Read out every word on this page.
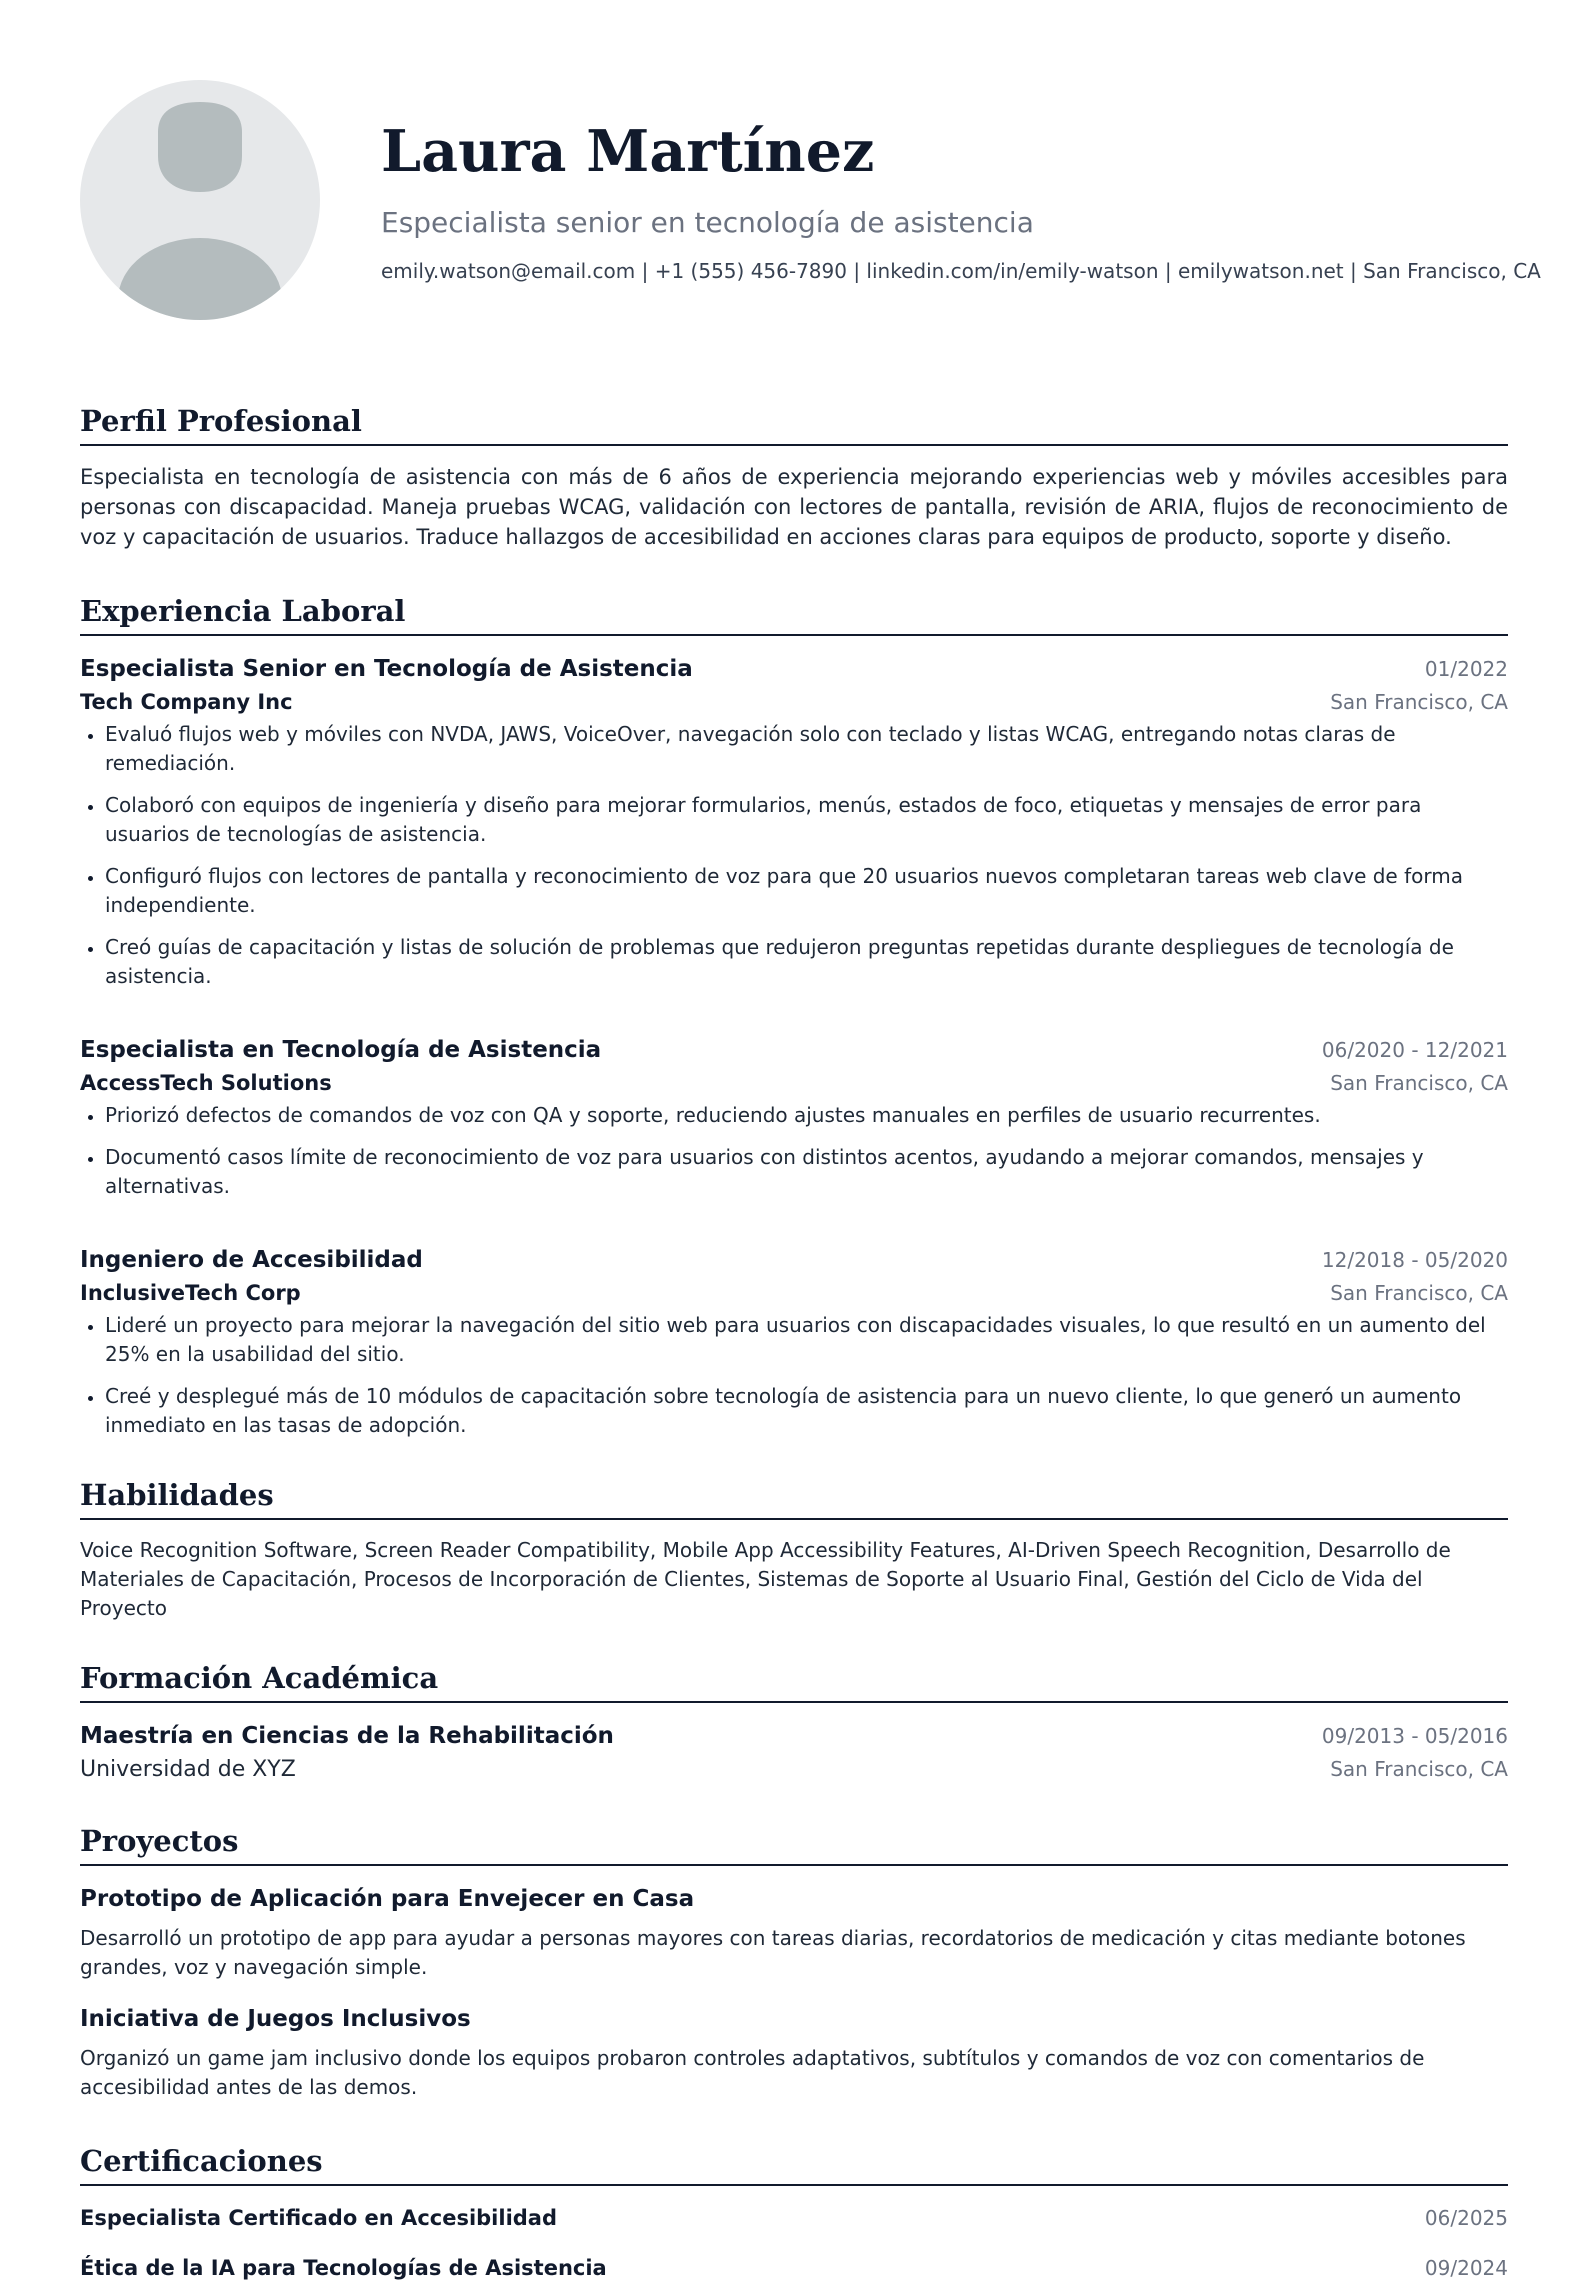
Laura Martínez
Especialista senior en tecnología de asistencia
emily.watson@email.com | +1 (555) 456-7890 | linkedin.com/in/emily-watson | emilywatson.net | San Francisco, CA
Perfil Profesional
Especialista en tecnología de asistencia con más de 6 años de experiencia mejorando experiencias web y móviles accesibles para personas con discapacidad. Maneja pruebas WCAG, validación con lectores de pantalla, revisión de ARIA, flujos de reconocimiento de voz y capacitación de usuarios. Traduce hallazgos de accesibilidad en acciones claras para equipos de producto, soporte y diseño.
Experiencia Laboral
Especialista Senior en Tecnología de Asistencia	01/2022
Tech Company Inc	San Francisco, CA
Evaluó flujos web y móviles con NVDA, JAWS, VoiceOver, navegación solo con teclado y listas WCAG, entregando notas claras de remediación.
Colaboró con equipos de ingeniería y diseño para mejorar formularios, menús, estados de foco, etiquetas y mensajes de error para usuarios de tecnologías de asistencia.
Configuró flujos con lectores de pantalla y reconocimiento de voz para que 20 usuarios nuevos completaran tareas web clave de forma independiente.
Creó guías de capacitación y listas de solución de problemas que redujeron preguntas repetidas durante despliegues de tecnología de asistencia.
Especialista en Tecnología de Asistencia	06/2020 - 12/2021
AccessTech Solutions	San Francisco, CA
Priorizó defectos de comandos de voz con QA y soporte, reduciendo ajustes manuales en perfiles de usuario recurrentes.
Documentó casos límite de reconocimiento de voz para usuarios con distintos acentos, ayudando a mejorar comandos, mensajes y alternativas.
Ingeniero de Accesibilidad	12/2018 - 05/2020
InclusiveTech Corp	San Francisco, CA
Lideré un proyecto para mejorar la navegación del sitio web para usuarios con discapacidades visuales, lo que resultó en un aumento del 25% en la usabilidad del sitio.
Creé y desplegué más de 10 módulos de capacitación sobre tecnología de asistencia para un nuevo cliente, lo que generó un aumento inmediato en las tasas de adopción.
Habilidades
Voice Recognition Software, Screen Reader Compatibility, Mobile App Accessibility Features, AI-Driven Speech Recognition, Desarrollo de Materiales de Capacitación, Procesos de Incorporación de Clientes, Sistemas de Soporte al Usuario Final, Gestión del Ciclo de Vida del Proyecto
Formación Académica
Maestría en Ciencias de la Rehabilitación	09/2013 - 05/2016
Universidad de XYZ	San Francisco, CA
Proyectos
Prototipo de Aplicación para Envejecer en Casa
Desarrolló un prototipo de app para ayudar a personas mayores con tareas diarias, recordatorios de medicación y citas mediante botones grandes, voz y navegación simple.
Iniciativa de Juegos Inclusivos
Organizó un game jam inclusivo donde los equipos probaron controles adaptativos, subtítulos y comandos de voz con comentarios de accesibilidad antes de las demos.
Certificaciones
Especialista Certificado en Accesibilidad	06/2025
Ética de la IA para Tecnologías de Asistencia	09/2024
